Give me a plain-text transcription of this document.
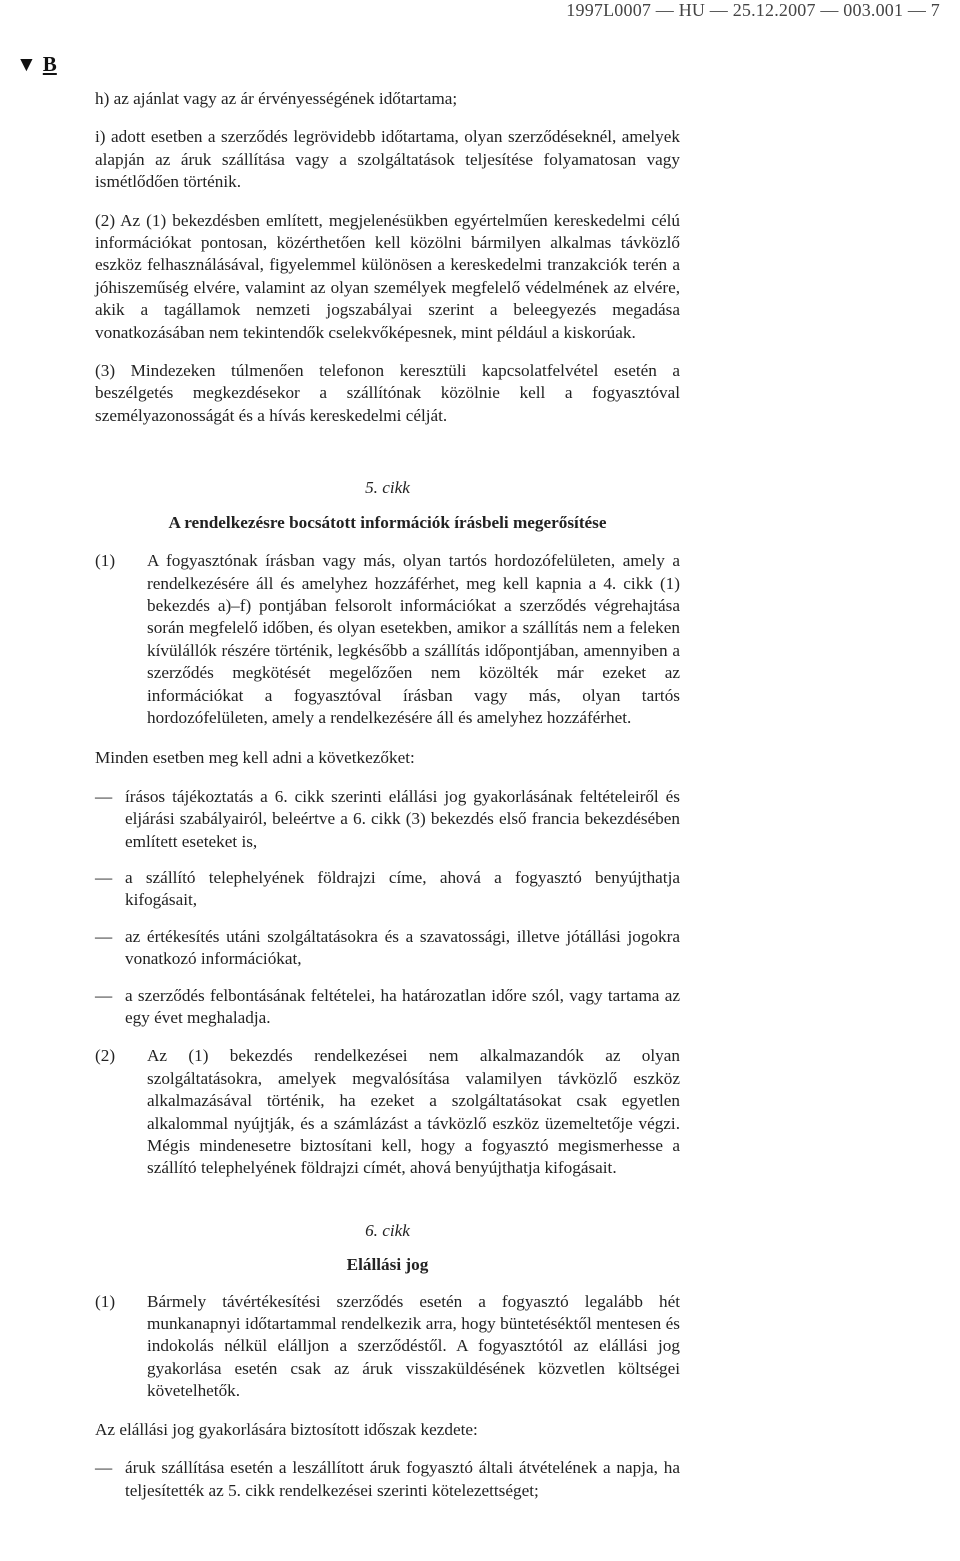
1997L0007 — HU — 25.12.2007 — 003.001 — 7
▼ B

h) az ajánlat vagy az ár érvényességének időtartama;

i) adott esetben a szerződés legrövidebb időtartama, olyan szerződéseknél, amelyek alapján az áruk szállítása vagy a szolgáltatások teljesítése folyamatosan vagy ismétlődően történik.

(2) Az (1) bekezdésben említett, megjelenésükben egyértelműen kereskedelmi célú információkat pontosan, közérthetően kell közölni bármilyen alkalmas távközlő eszköz felhasználásával, figyelemmel különösen a kereskedelmi tranzakciók terén a jóhiszeműség elvére, valamint az olyan személyek megfelelő védelmének az elvére, akik a tagállamok nemzeti jogszabályai szerint a beleegyezés megadása vonatkozásában nem tekintendők cselekvőképesnek, mint például a kiskorúak.

(3) Mindezeken túlmenően telefonon keresztüli kapcsolatfelvétel esetén a beszélgetés megkezdésekor a szállítónak közölnie kell a fogyasztóval személyazonosságát és a hívás kereskedelmi célját.

5. cikk

A rendelkezésre bocsátott információk írásbeli megerősítése

(1)	A fogyasztónak írásban vagy más, olyan tartós hordozófelületen, amely a rendelkezésére áll és amelyhez hozzáférhet, meg kell kapnia a 4. cikk (1) bekezdés a)–f) pontjában felsorolt információkat a szerződés végrehajtása során megfelelő időben, és olyan esetekben, amikor a szállítás nem a feleken kívülállók részére történik, legkésőbb a szállítás időpontjában, amennyiben a szerződés megkötését megelőzően nem közölték már ezeket az információkat a fogyasztóval írásban vagy más, olyan tartós hordozófelületen, amely a rendelkezésére áll és amelyhez hozzáférhet.

Minden esetben meg kell adni a következőket:

— írásos tájékoztatás a 6. cikk szerinti elállási jog gyakorlásának feltételeiről és eljárási szabályairól, beleértve a 6. cikk (3) bekezdés első francia bekezdésében említett eseteket is,
— a szállító telephelyének földrajzi címe, ahová a fogyasztó benyújthatja kifogásait,
— az értékesítés utáni szolgáltatásokra és a szavatossági, illetve jótállási jogokra vonatkozó információkat,
— a szerződés felbontásának feltételei, ha határozatlan időre szól, vagy tartama az egy évet meghaladja.
(2)	Az (1) bekezdés rendelkezései nem alkalmazandók az olyan szolgáltatásokra, amelyek megvalósítása valamilyen távközlő eszköz alkalmazásával történik, ha ezeket a szolgáltatásokat csak egyetlen alkalommal nyújtják, és a számlázást a távközlő eszköz üzemeltetője végzi. Mégis mindenesetre biztosítani kell, hogy a fogyasztó megismerhesse a szállító telephelyének földrajzi címét, ahová benyújthatja kifogásait.

6. cikk

Elállási jog

(1)	Bármely távértékesítési szerződés esetén a fogyasztó legalább hét munkanapnyi időtartammal rendelkezik arra, hogy büntetéséktől mentesen és indokolás nélkül elálljon a szerződéstől. A fogyasztótól az elállási jog gyakorlása esetén csak az áruk visszaküldésének közvetlen költségei követelhetők.

Az elállási jog gyakorlására biztosított időszak kezdete:

— áruk szállítása esetén a leszállított áruk fogyasztó általi átvételének a napja, ha teljesítették az 5. cikk rendelkezései szerinti kötelezettséget;
